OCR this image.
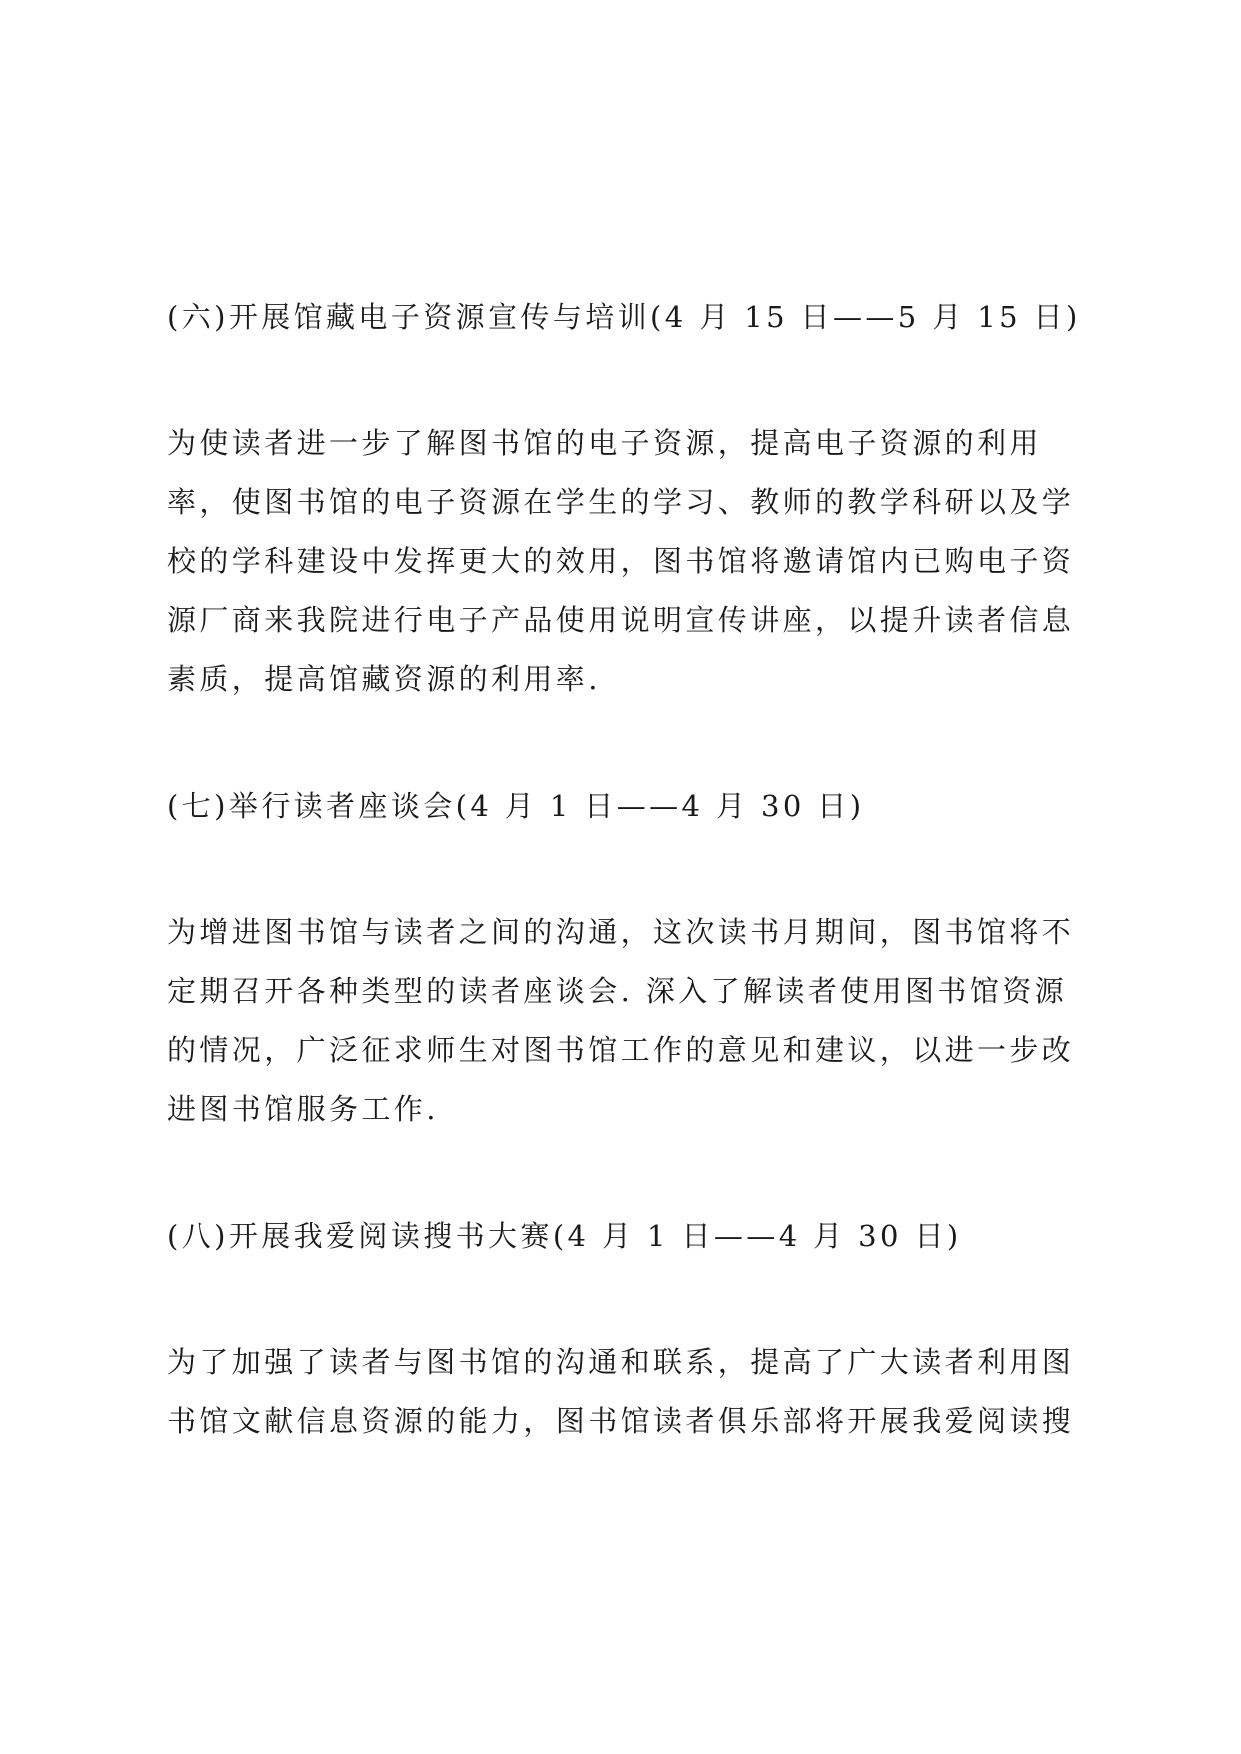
(六)开展馆藏电子资源宣传与培训(4 月 15 日——5 月 15 日)

为使读者进一步了解图书馆的电子资源，提高电子资源的利用

率，使图书馆的电子资源在学生的学习、教师的教学科研以及学

校的学科建设中发挥更大的效用，图书馆将邀请馆内已购电子资

源厂商来我院进行电子产品使用说明宣传讲座，以提升读者信息

素质，提高馆藏资源的利用率.

(七)举行读者座谈会(4 月 1 日——4 月 30 日)

为增进图书馆与读者之间的沟通，这次读书月期间，图书馆将不

定期召开各种类型的读者座谈会. 深入了解读者使用图书馆资源

的情况，广泛征求师生对图书馆工作的意见和建议，以进一步改

进图书馆服务工作.

(八)开展我爱阅读搜书大赛(4 月 1 日——4 月 30 日)

为了加强了读者与图书馆的沟通和联系，提高了广大读者利用图

书馆文献信息资源的能力，图书馆读者俱乐部将开展我爱阅读搜
